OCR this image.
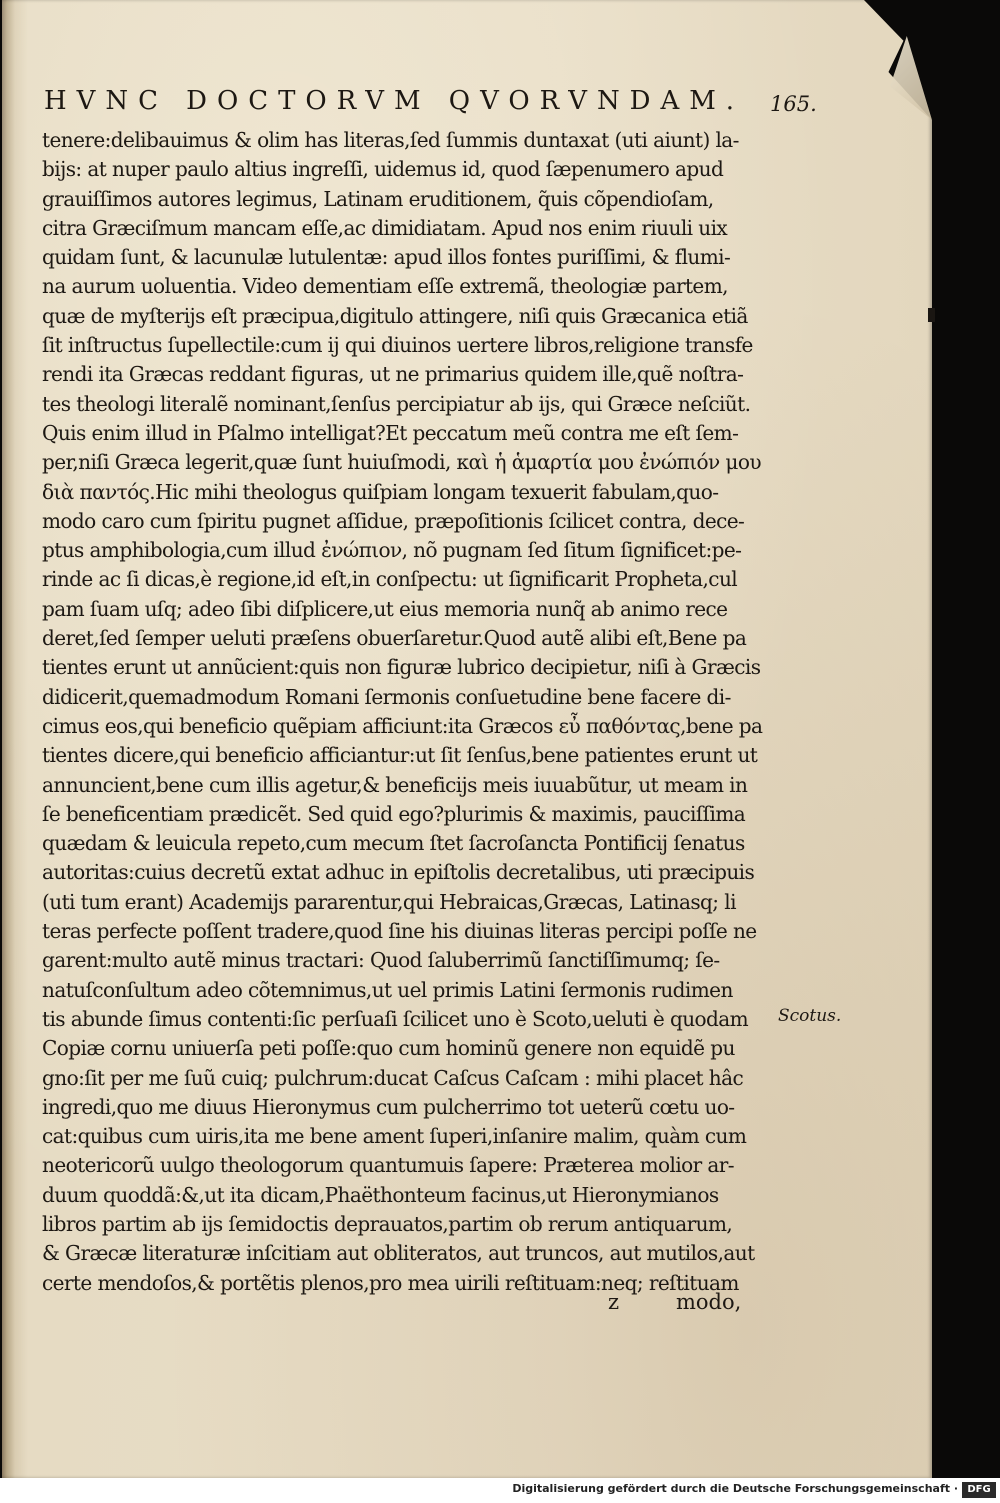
HVNC DOCTORVM QVORVNDAM. 165.
tenere:delibauimus & olim has literas,ſed ſummis duntaxat (uti aiunt) la-
bijs: at nuper paulo altius ingreſſi, uidemus id, quod ſæpenumero apud
grauiſſimos autores legimus, Latinam eruditionem, q̃uis cõpendioſam,
citra Græciſmum mancam eſſe,ac dimidiatam. Apud nos enim riuuli uix
quidam ſunt, & lacunulæ lutulentæ: apud illos fontes puriſſimi, & flumi-
na aurum uoluentia. Video dementiam eſſe extremã, theologiæ partem,
quæ de myſterijs eſt præcipua,digitulo attingere, niſi quis Græcanica etiã
ſit inſtructus ſupellectile:cum ij qui diuinos uertere libros,religione transfe
rendi ita Græcas reddant figuras, ut ne primarius quidem ille,quẽ noſtra-
tes theologi literalẽ nominant,ſenſus percipiatur ab ijs, qui Græce neſciũt.
Quis enim illud in Pſalmo intelligat?Et peccatum meũ contra me eſt ſem-
per,niſi Græca legerit,quæ ſunt huiuſmodi, καὶ ἡ ἁμαρτία μου ἐνώπιόν μου
διὰ παντός.Hic mihi theologus quiſpiam longam texuerit fabulam,quo-
modo caro cum ſpiritu pugnet aſſidue, præpoſitionis ſcilicet contra, dece-
ptus amphibologia,cum illud ἐνώπιον, nõ pugnam ſed ſitum ſignificet:pe-
rinde ac ſi dicas,è regione,id eſt,in conſpectu: ut ſignificarit Propheta,cul
pam ſuam uſq; adeo ſibi diſplicere,ut eius memoria nunq̃ ab animo rece
deret,ſed ſemper ueluti præſens obuerſaretur.Quod autẽ alibi eſt,Bene pa
tientes erunt ut annũcient:quis non figuræ lubrico decipietur, niſi à Græcis
didicerit,quemadmodum Romani ſermonis conſuetudine bene facere di-
cimus eos,qui beneficio quẽpiam afficiunt:ita Græcos εὖ παθόντας,bene pa
tientes dicere,qui beneficio afficiantur:ut ſit ſenſus,bene patientes erunt ut
annuncient,bene cum illis agetur,& beneficijs meis iuuabũtur, ut meam in
ſe beneficentiam prædicẽt. Sed quid ego?plurimis & maximis, pauciſſima
quædam & leuicula repeto,cum mecum ſtet ſacroſancta Pontificij ſenatus
autoritas:cuius decretũ extat adhuc in epiſtolis decretalibus, uti præcipuis
(uti tum erant) Academijs pararentur,qui Hebraicas,Græcas, Latinasq; li
teras perfecte poſſent tradere,quod ſine his diuinas literas percipi poſſe ne
garent:multo autẽ minus tractari: Quod ſaluberrimũ ſanctiſſimumq; ſe-
natuſconſultum adeo cõtemnimus,ut uel primis Latini ſermonis rudimen
tis abunde ſimus contenti:ſic perſuaſi ſcilicet uno è Scoto,ueluti è quodam
Copiæ cornu uniuerſa peti poſſe:quo cum hominũ genere non equidẽ pu
gno:ſit per me ſuũ cuiq; pulchrum:ducat Caſcus Caſcam : mihi placet hâc
ingredi,quo me diuus Hieronymus cum pulcherrimo tot ueterũ cœtu uo-
cat:quibus cum uiris,ita me bene ament ſuperi,inſanire malim, quàm cum
neotericorũ uulgo theologorum quantumuis ſapere: Præterea molior ar-
duum quoddã:&,ut ita dicam,Phaëthonteum facinus,ut Hieronymianos
libros partim ab ijs ſemidoctis deprauatos,partim ob rerum antiquarum,
& Græcæ literaturæ inſcitiam aut obliteratos, aut truncos, aut mutilos,aut
certe mendoſos,& portẽtis plenos,pro mea uirili reſtituam:neq; reſtituam
Scotus.
z	modo,
Digitalisierung gefördert durch die Deutsche Forschungsgemeinschaft · DFG
